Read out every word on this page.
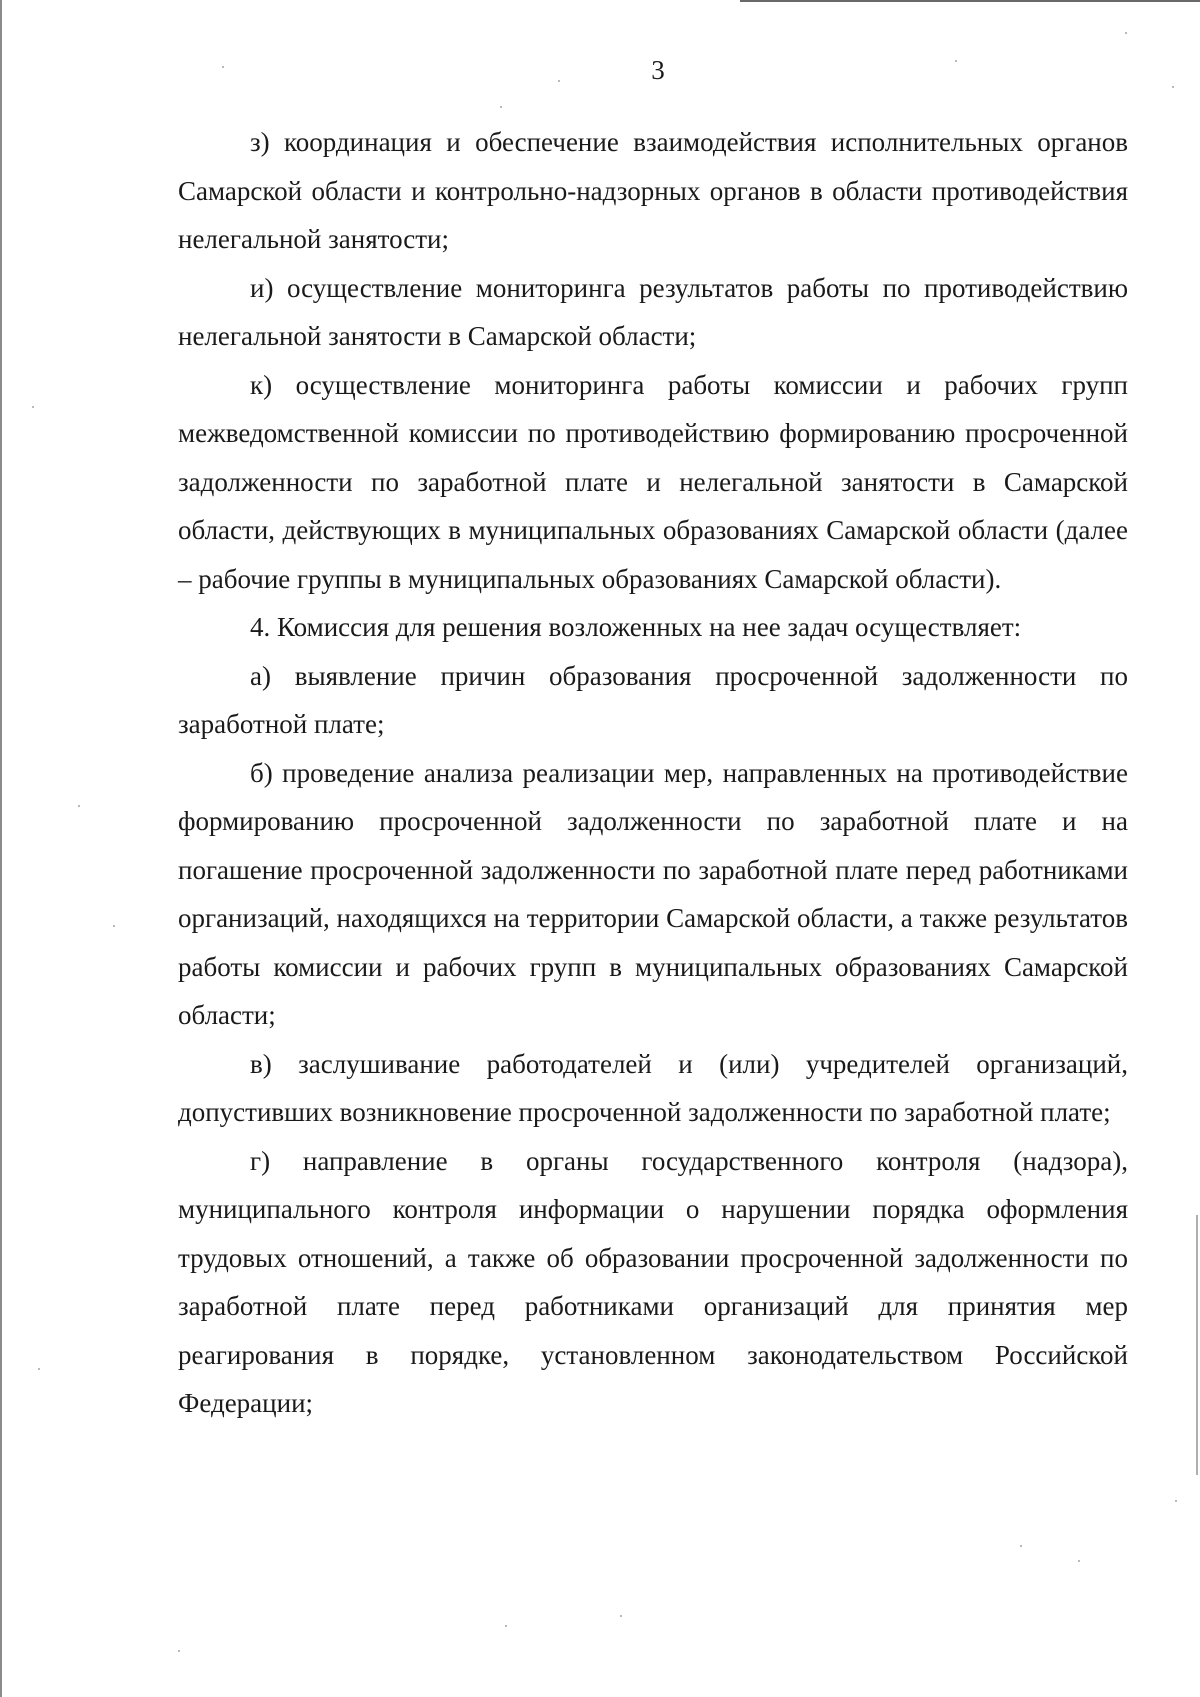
3

з) координация и обеспечение взаимодействия исполнительных органов Самарской области и контрольно-надзорных органов в области противодействия нелегальной занятости;

и) осуществление мониторинга результатов работы по противодействию нелегальной занятости в Самарской области;

к) осуществление мониторинга работы комиссии и рабочих групп межведомственной комиссии по противодействию формированию просроченной задолженности по заработной плате и нелегальной занятости в Самарской области, действующих в муниципальных образованиях Самарской области (далее – рабочие группы в муниципальных образованиях Самарской области).

4. Комиссия для решения возложенных на нее задач осуществляет:

а) выявление причин образования просроченной задолженности по заработной плате;

б) проведение анализа реализации мер, направленных на противодействие формированию просроченной задолженности по заработной плате и на погашение просроченной задолженности по заработной плате перед работниками организаций, находящихся на территории Самарской области, а также результатов работы комиссии и рабочих групп в муниципальных образованиях Самарской области;

в) заслушивание работодателей и (или) учредителей организаций, допустивших возникновение просроченной задолженности по заработной плате;

г) направление в органы государственного контроля (надзора), муниципального контроля информации о нарушении порядка оформления трудовых отношений, а также об образовании просроченной задолженности по заработной плате перед работниками организаций для принятия мер реагирования в порядке, установленном законодательством Российской Федерации;
